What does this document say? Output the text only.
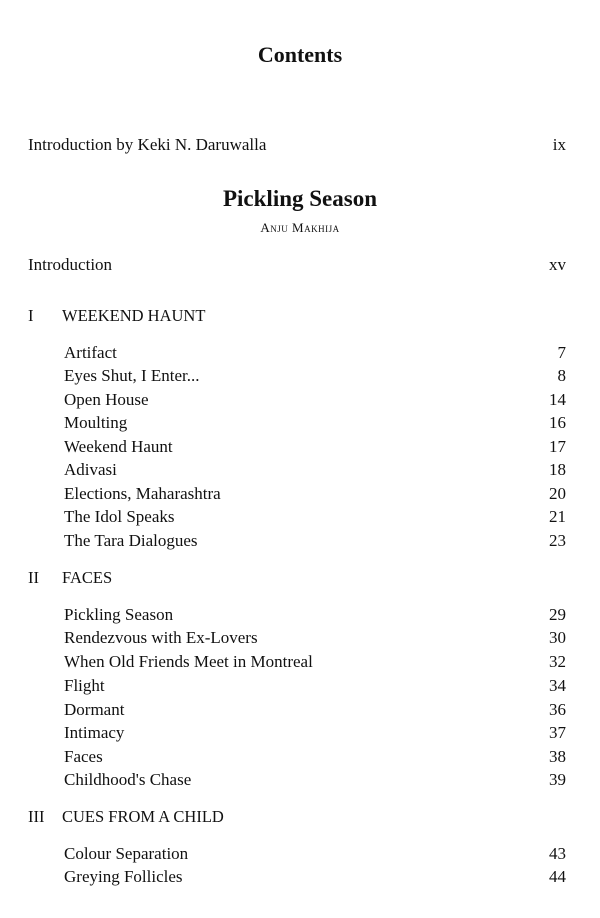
Contents
Introduction by Keki N. Daruwalla	ix
Pickling Season
Anju Makhija
Introduction	xv
I WEEKEND HAUNT
Artifact	7
Eyes Shut, I Enter...	8
Open House	14
Moulting	16
Weekend Haunt	17
Adivasi	18
Elections, Maharashtra	20
The Idol Speaks	21
The Tara Dialogues	23
II FACES
Pickling Season	29
Rendezvous with Ex-Lovers	30
When Old Friends Meet in Montreal	32
Flight	34
Dormant	36
Intimacy	37
Faces	38
Childhood's Chase	39
III CUES FROM A CHILD
Colour Separation	43
Greying Follicles	44
